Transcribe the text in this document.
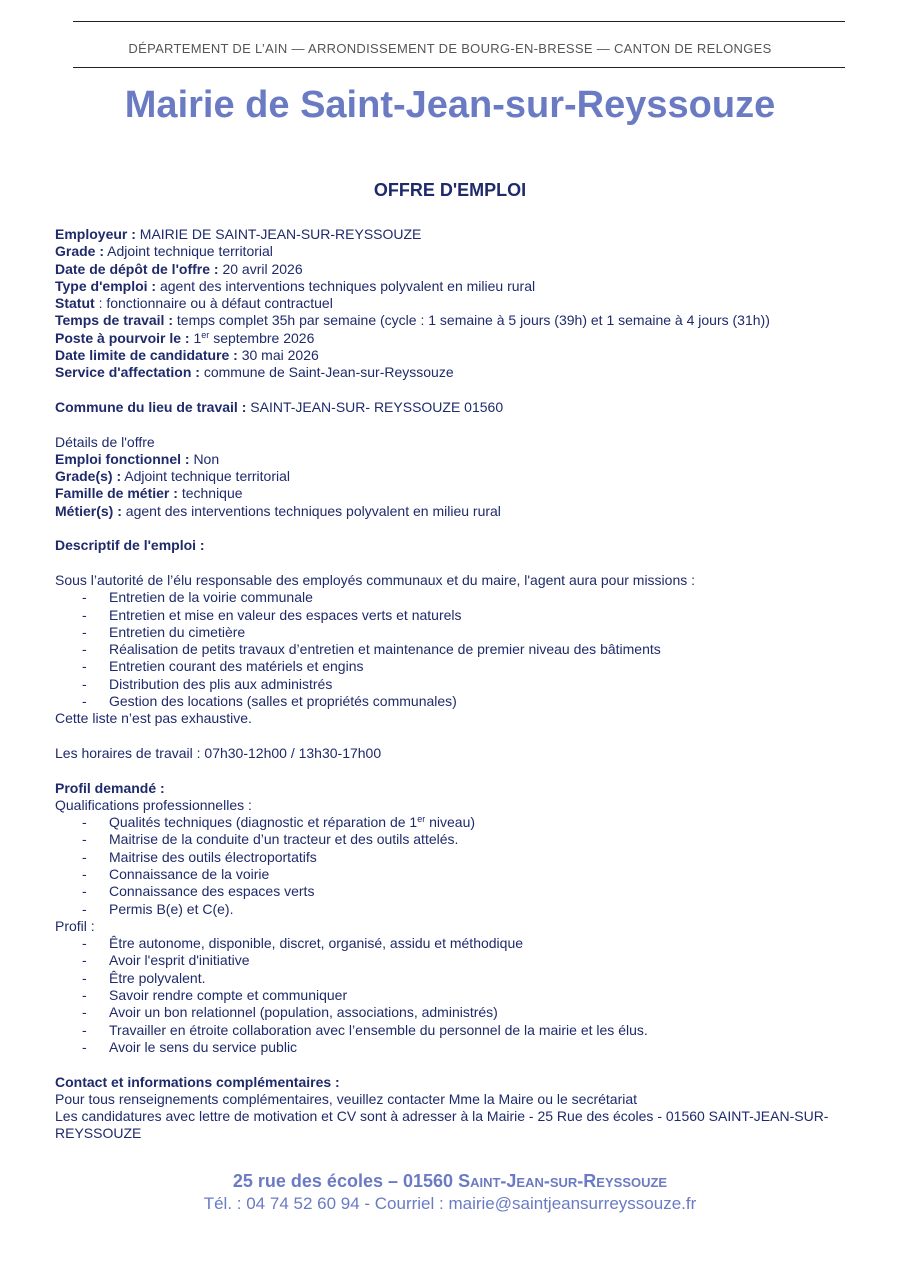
DÉPARTEMENT DE L’AIN — ARRONDISSEMENT DE BOURG-EN-BRESSE — CANTON DE RELONGES
Mairie de Saint-Jean-sur-Reyssouze
OFFRE D'EMPLOI
Employeur : MAIRIE DE SAINT-JEAN-SUR-REYSSOUZE
Grade : Adjoint technique territorial
Date de dépôt de l'offre : 20 avril 2026
Type d'emploi : agent des interventions techniques polyvalent en milieu rural
Statut : fonctionnaire ou à défaut contractuel
Temps de travail : temps complet 35h par semaine (cycle : 1 semaine à 5 jours (39h) et 1 semaine à 4 jours (31h))
Poste à pourvoir le : 1er septembre 2026
Date limite de candidature : 30 mai 2026
Service d'affectation : commune de Saint-Jean-sur-Reyssouze
Commune du lieu de travail : SAINT-JEAN-SUR- REYSSOUZE 01560
Détails de l'offre
Emploi fonctionnel : Non
Grade(s) : Adjoint technique territorial
Famille de métier : technique
Métier(s) : agent des interventions techniques polyvalent en milieu rural
Descriptif de l'emploi :
Sous l’autorité de l’élu responsable des employés communaux et du maire, l'agent aura pour missions :
- Entretien de la voirie communale
- Entretien et mise en valeur des espaces verts et naturels
- Entretien du cimetière
- Réalisation de petits travaux d’entretien et maintenance de premier niveau des bâtiments
- Entretien courant des matériels et engins
- Distribution des plis aux administrés
- Gestion des locations (salles et propriétés communales)
Cette liste n’est pas exhaustive.
Les horaires de travail : 07h30-12h00 / 13h30-17h00
Profil demandé :
Qualifications professionnelles :
- Qualités techniques (diagnostic et réparation de 1er niveau)
- Maitrise de la conduite d’un tracteur et des outils attelés.
- Maitrise des outils électroportatifs
- Connaissance de la voirie
- Connaissance des espaces verts
- Permis B(e) et C(e).
Profil :
- Être autonome, disponible, discret, organisé, assidu et méthodique
- Avoir l'esprit d'initiative
- Être polyvalent.
- Savoir rendre compte et communiquer
- Avoir un bon relationnel (population, associations, administrés)
- Travailler en étroite collaboration avec l’ensemble du personnel de la mairie et les élus.
- Avoir le sens du service public
Contact et informations complémentaires :
Pour tous renseignements complémentaires, veuillez contacter Mme la Maire ou le secrétariat
Les candidatures avec lettre de motivation et CV sont à adresser à la Mairie - 25 Rue des écoles - 01560 SAINT-JEAN-SUR-REYSSOUZE
25 rue des écoles – 01560 Saint-Jean-sur-Reyssouze
Tél. : 04 74 52 60 94 - Courriel : mairie@saintjeansurreyssouze.fr
